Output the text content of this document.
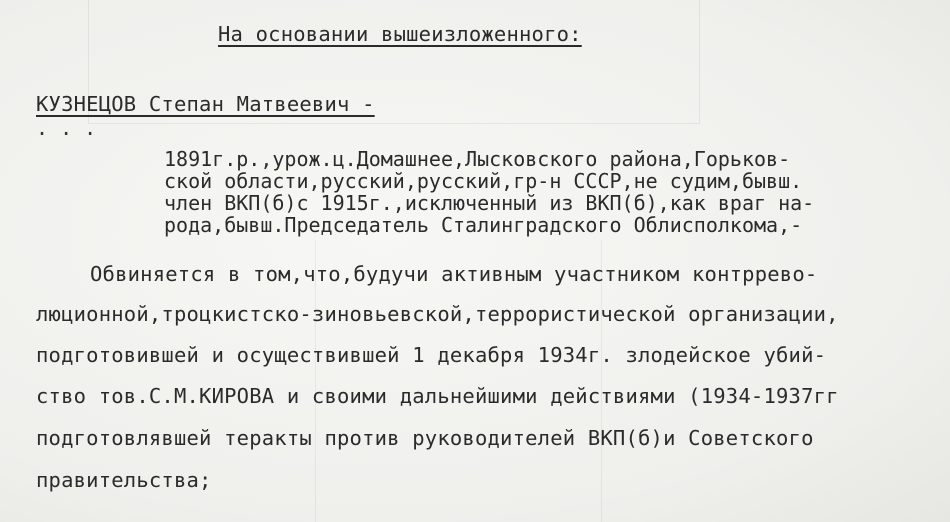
На основании вышеизложенного:
КУЗНЕЦОВ Степан Матвеевич -
. . .
1891г.р.,урож.ц.Домашнее,Лысковского района,Горьков-
ской области,русский,русский,гр-н СССР,не судим,бывш.
член ВКП(б)с 1915г.,исключенный из ВКП(б),как враг на-
рода,бывш.Председатель Сталинградского Облисполкома,-
Обвиняется в том,что,будучи активным участником контррево-
люционной,троцкистско-зиновьевской,террористической организации,
подготовившей и осуществившей 1 декабря 1934г. злодейское убий-
ство тов.С.М.КИРОВА и своими дальнейшими действиями (1934-1937гг
подготовлявшей теракты против руководителей ВКП(б)и Советского
правительства;
